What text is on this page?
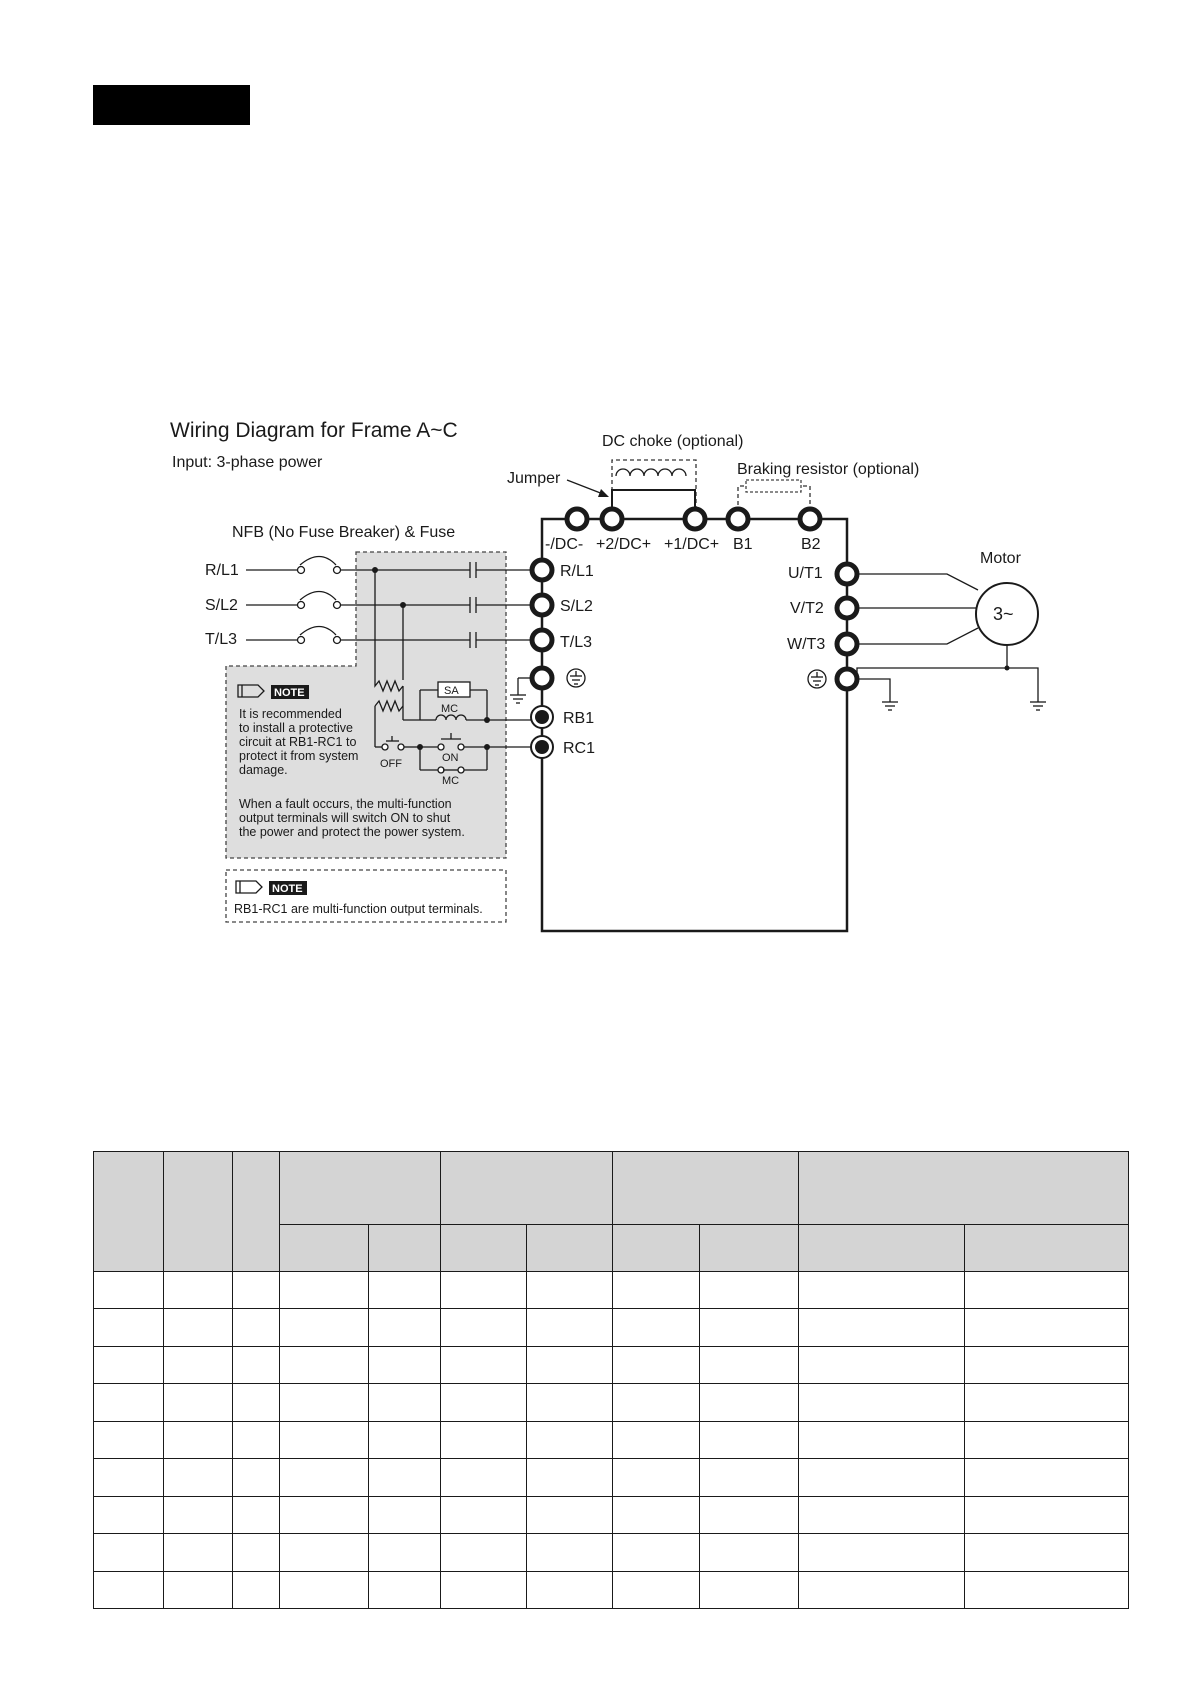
Wiring Diagram for Frame A~C
Input: 3-phase power
DC choke (optional)
Jumper
Braking resistor (optional)
NFB (No Fuse Breaker) & Fuse
Motor
-/DC- +2/DC+ +1/DC+ B1	B2
R/L1
S/L2
T/L3
SA
MC
OFF	ON
MC
R/L1
S/L2
T/L3
RB1
RC1
U/T1
V/T2
W/T3
3~
NOTE
It is recommended
to install a protective
circuit at RB1-RC1 to
protect it from system
damage.
When a fault occurs, the multi-function
output terminals will switch ON to shut
the power and protect the power system.
NOTE
RB1-RC1 are multi-function output terminals.
